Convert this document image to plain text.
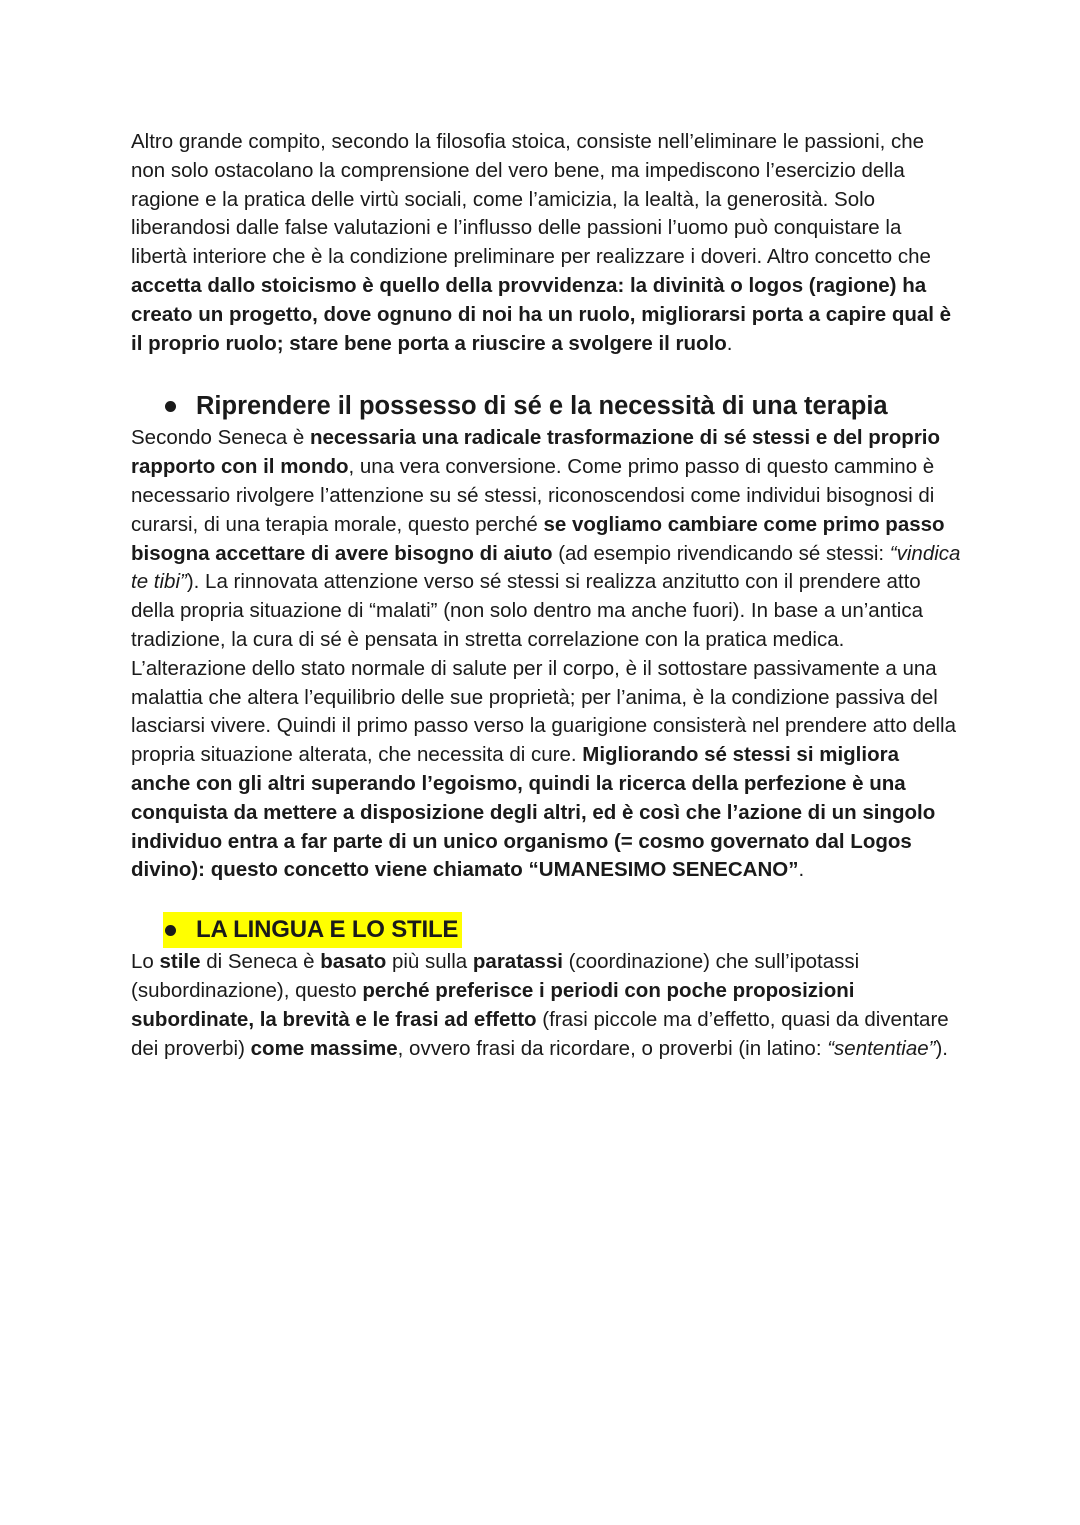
Altro grande compito, secondo la filosofia stoica, consiste nell’eliminare le passioni, che non solo ostacolano la comprensione del vero bene, ma impediscono l’esercizio della ragione e la pratica delle virtù sociali, come l’amicizia, la lealtà, la generosità. Solo liberandosi dalle false valutazioni e l’influsso delle passioni l’uomo può conquistare la libertà interiore che è la condizione preliminare per realizzare i doveri. Altro concetto che accetta dallo stoicismo è quello della provvidenza: la divinità o logos (ragione) ha creato un progetto, dove ognuno di noi ha un ruolo, migliorarsi porta a capire qual è il proprio ruolo; stare bene porta a riuscire a svolgere il ruolo.

Riprendere il possesso di sé e la necessità di una terapia

Secondo Seneca è necessaria una radicale trasformazione di sé stessi e del proprio rapporto con il mondo, una vera conversione. Come primo passo di questo cammino è necessario rivolgere l’attenzione su sé stessi, riconoscendosi come individui bisognosi di curarsi, di una terapia morale, questo perché se vogliamo cambiare come primo passo bisogna accettare di avere bisogno di aiuto (ad esempio rivendicando sé stessi: “vindica te tibi”). La rinnovata attenzione verso sé stessi si realizza anzitutto con il prendere atto della propria situazione di “malati” (non solo dentro ma anche fuori). In base a un’antica tradizione, la cura di sé è pensata in stretta correlazione con la pratica medica.

L’alterazione dello stato normale di salute per il corpo, è il sottostare passivamente a una malattia che altera l’equilibrio delle sue proprietà; per l’anima, è la condizione passiva del lasciarsi vivere. Quindi il primo passo verso la guarigione consisterà nel prendere atto della propria situazione alterata, che necessita di cure. Migliorando sé stessi si migliora anche con gli altri superando l’egoismo, quindi la ricerca della perfezione è una conquista da mettere a disposizione degli altri, ed è così che l’azione di un singolo individuo entra a far parte di un unico organismo (= cosmo governato dal Logos divino): questo concetto viene chiamato “UMANESIMO SENECANO”.

LA LINGUA E LO STILE

Lo stile di Seneca è basato più sulla paratassi (coordinazione) che sull’ipotassi (subordinazione), questo perché preferisce i periodi con poche proposizioni subordinate, la brevità e le frasi ad effetto (frasi piccole ma d’effetto, quasi da diventare dei proverbi) come massime, ovvero frasi da ricordare, o proverbi (in latino: “sententiae”).
